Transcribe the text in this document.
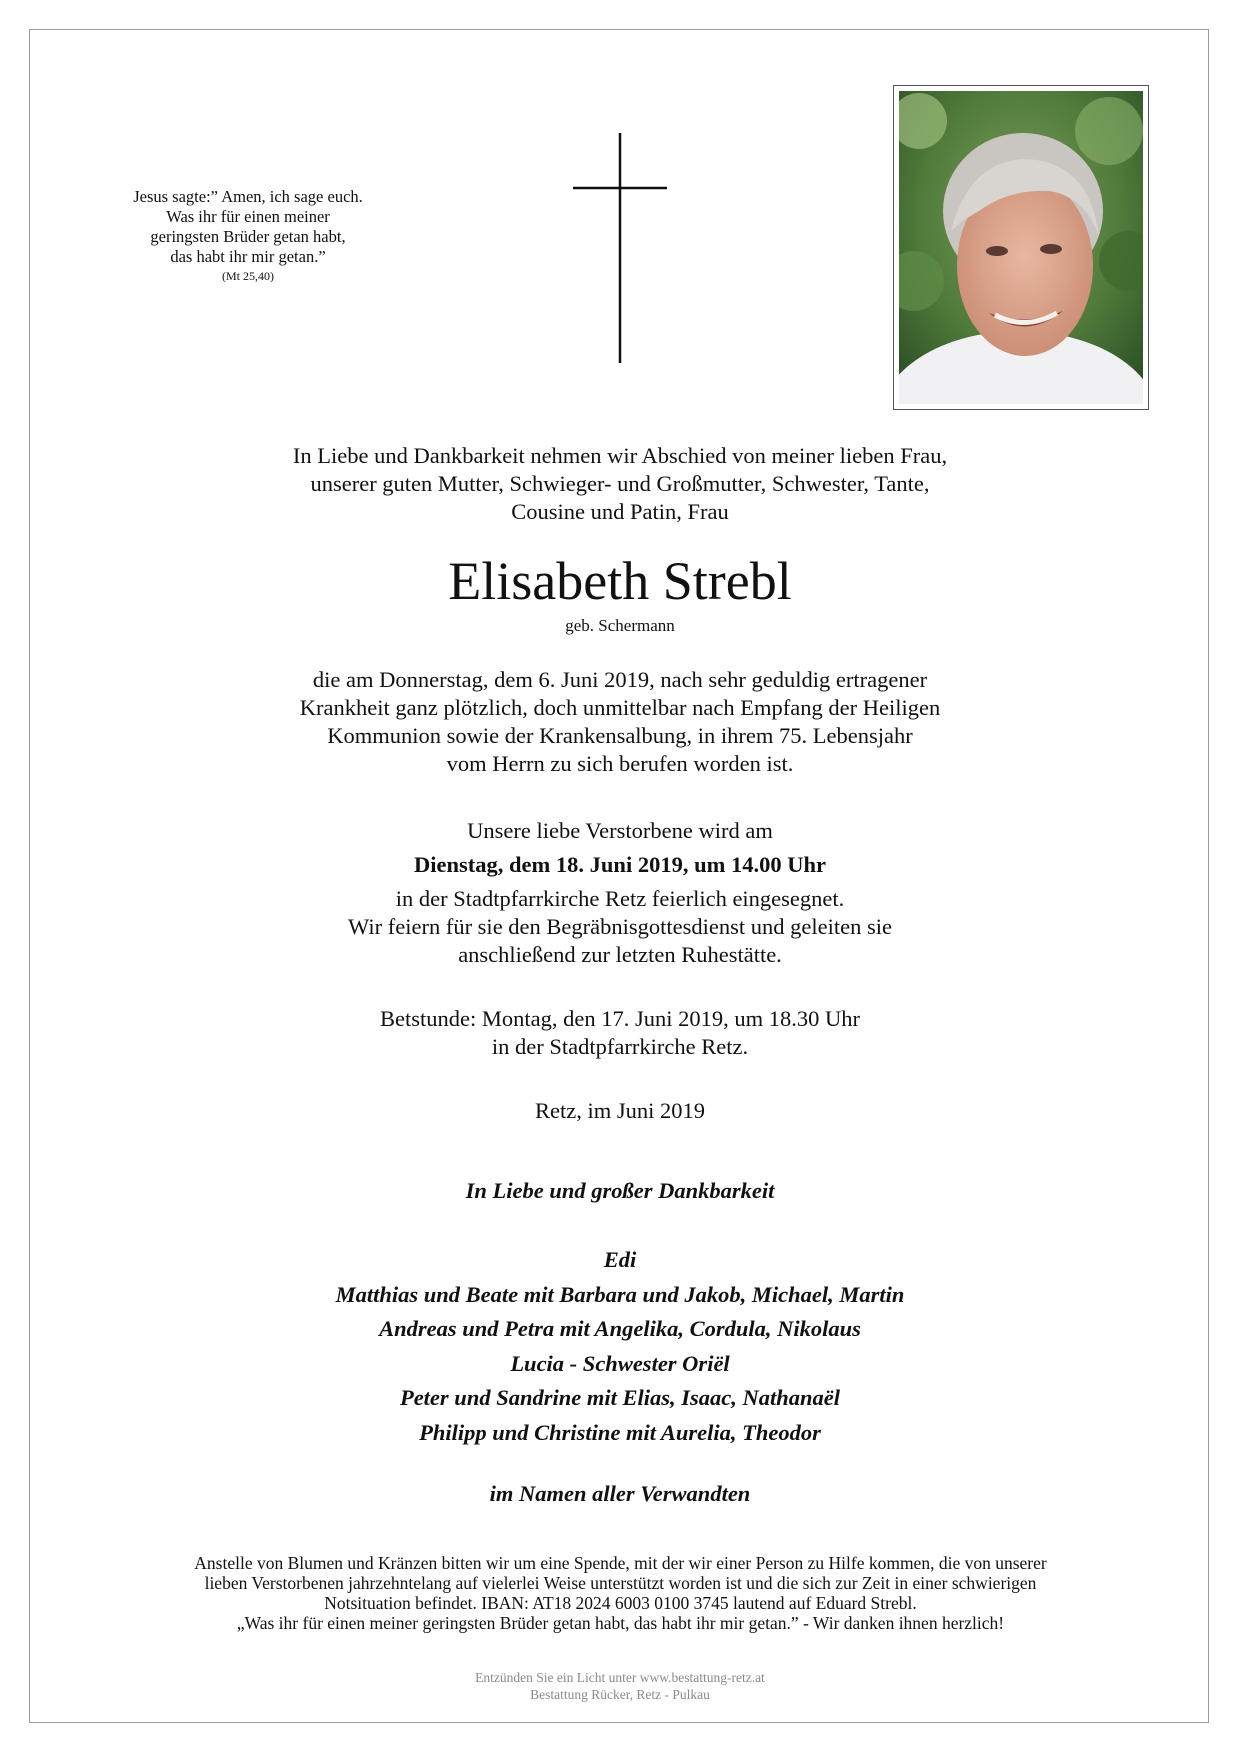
Jesus sagte:” Amen, ich sage euch.
Was ihr für einen meiner
geringsten Brüder getan habt,
das habt ihr mir getan.”
(Mt 25,40)
In Liebe und Dankbarkeit nehmen wir Abschied von meiner lieben Frau,
unserer guten Mutter, Schwieger- und Großmutter, Schwester, Tante,
Cousine und Patin, Frau
Elisabeth Strebl
geb. Schermann
die am Donnerstag, dem 6. Juni 2019, nach sehr geduldig ertragener
Krankheit ganz plötzlich, doch unmittelbar nach Empfang der Heiligen
Kommunion sowie der Krankensalbung, in ihrem 75. Lebensjahr
vom Herrn zu sich berufen worden ist.
Unsere liebe Verstorbene wird am
Dienstag, dem 18. Juni 2019, um 14.00 Uhr
in der Stadtpfarrkirche Retz feierlich eingesegnet.
Wir feiern für sie den Begräbnisgottesdienst und geleiten sie
anschließend zur letzten Ruhestätte.
Betstunde: Montag, den 17. Juni 2019, um 18.30 Uhr
in der Stadtpfarrkirche Retz.
Retz, im Juni 2019
In Liebe und großer Dankbarkeit
Edi
Matthias und Beate mit Barbara und Jakob, Michael, Martin
Andreas und Petra mit Angelika, Cordula, Nikolaus
Lucia - Schwester Oriël
Peter und Sandrine mit Elias, Isaac, Nathanaël
Philipp und Christine mit Aurelia, Theodor
im Namen aller Verwandten
Anstelle von Blumen und Kränzen bitten wir um eine Spende, mit der wir einer Person zu Hilfe kommen, die von unserer
lieben Verstorbenen jahrzehntelang auf vielerlei Weise unterstützt worden ist und die sich zur Zeit in einer schwierigen
Notsituation befindet. IBAN: AT18 2024 6003 0100 3745 lautend auf Eduard Strebl.
„Was ihr für einen meiner geringsten Brüder getan habt, das habt ihr mir getan.” - Wir danken ihnen herzlich!
Entzünden Sie ein Licht unter www.bestattung-retz.at
Bestattung Rücker, Retz - Pulkau
